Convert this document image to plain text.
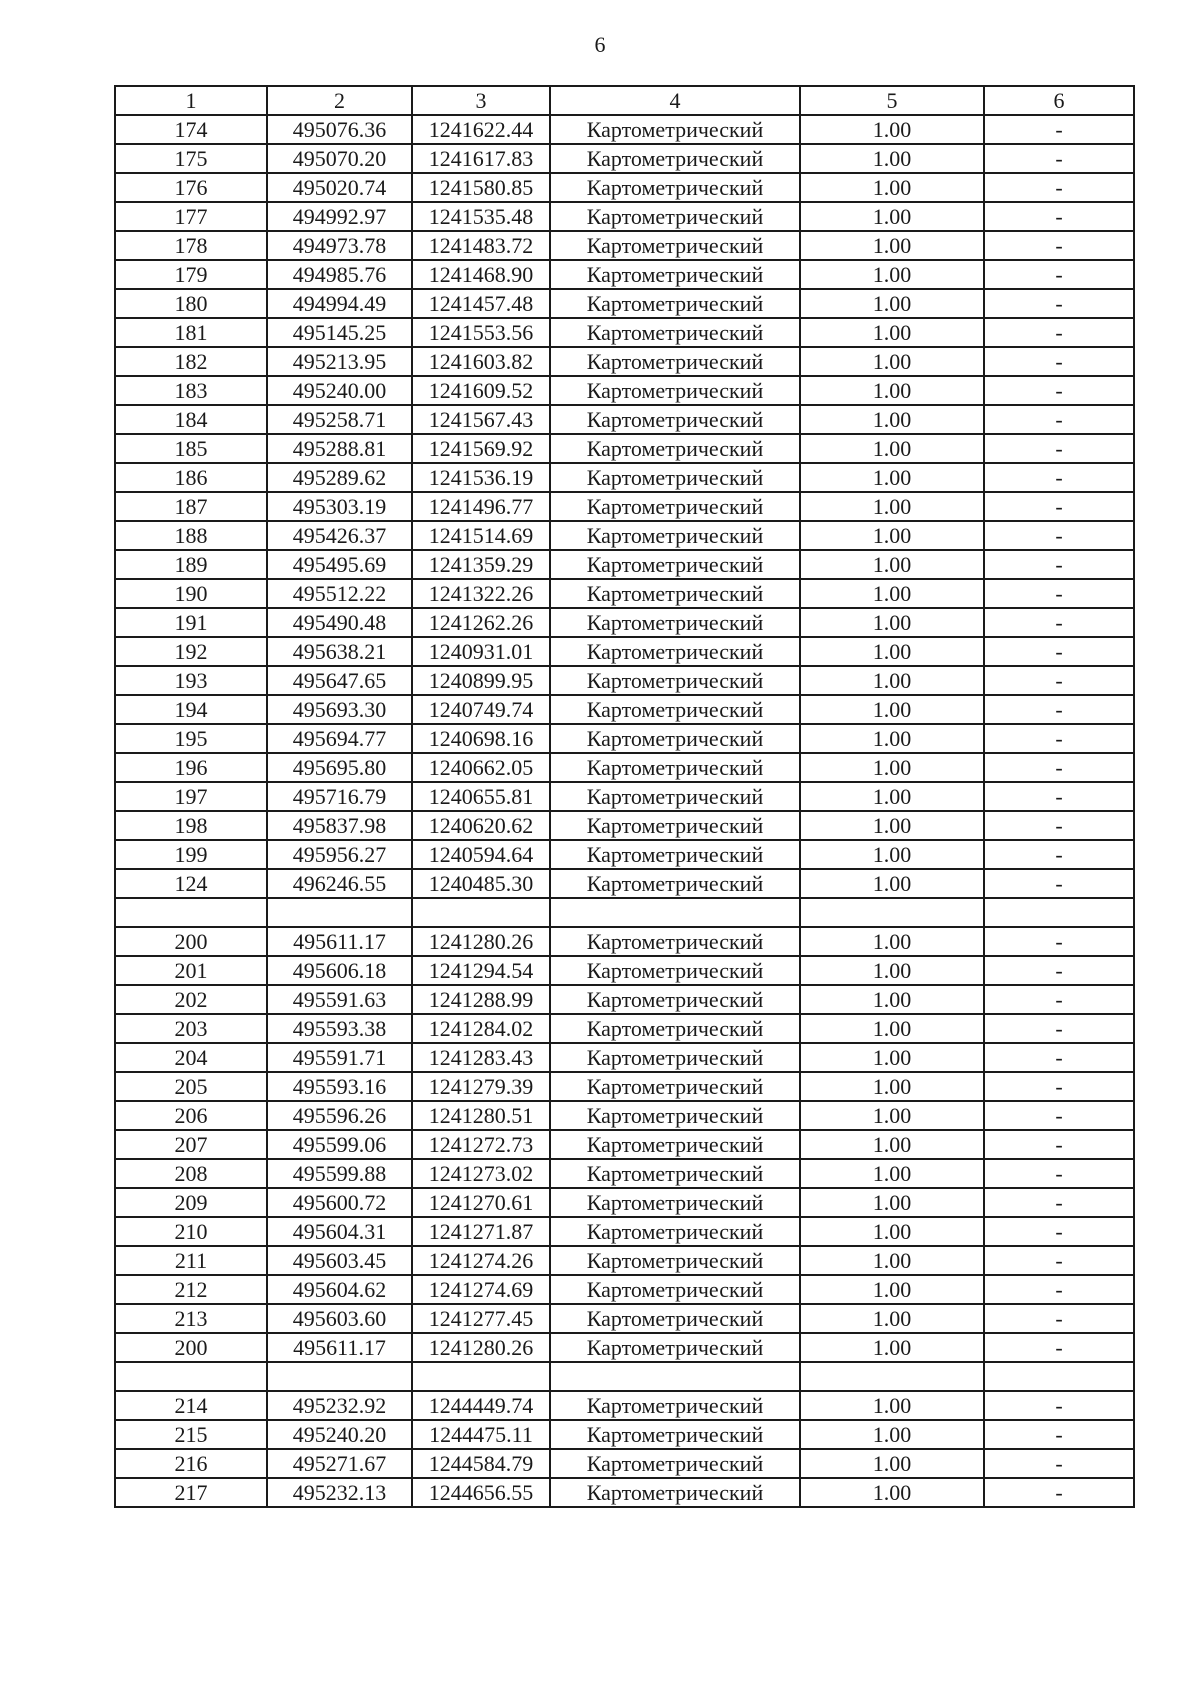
6
1	2	3	4	5	6
174	495076.36	1241622.44	Картометрический	1.00	-
175	495070.20	1241617.83	Картометрический	1.00	-
176	495020.74	1241580.85	Картометрический	1.00	-
177	494992.97	1241535.48	Картометрический	1.00	-
178	494973.78	1241483.72	Картометрический	1.00	-
179	494985.76	1241468.90	Картометрический	1.00	-
180	494994.49	1241457.48	Картометрический	1.00	-
181	495145.25	1241553.56	Картометрический	1.00	-
182	495213.95	1241603.82	Картометрический	1.00	-
183	495240.00	1241609.52	Картометрический	1.00	-
184	495258.71	1241567.43	Картометрический	1.00	-
185	495288.81	1241569.92	Картометрический	1.00	-
186	495289.62	1241536.19	Картометрический	1.00	-
187	495303.19	1241496.77	Картометрический	1.00	-
188	495426.37	1241514.69	Картометрический	1.00	-
189	495495.69	1241359.29	Картометрический	1.00	-
190	495512.22	1241322.26	Картометрический	1.00	-
191	495490.48	1241262.26	Картометрический	1.00	-
192	495638.21	1240931.01	Картометрический	1.00	-
193	495647.65	1240899.95	Картометрический	1.00	-
194	495693.30	1240749.74	Картометрический	1.00	-
195	495694.77	1240698.16	Картометрический	1.00	-
196	495695.80	1240662.05	Картометрический	1.00	-
197	495716.79	1240655.81	Картометрический	1.00	-
198	495837.98	1240620.62	Картометрический	1.00	-
199	495956.27	1240594.64	Картометрический	1.00	-
124	496246.55	1240485.30	Картометрический	1.00	-

200	495611.17	1241280.26	Картометрический	1.00	-
201	495606.18	1241294.54	Картометрический	1.00	-
202	495591.63	1241288.99	Картометрический	1.00	-
203	495593.38	1241284.02	Картометрический	1.00	-
204	495591.71	1241283.43	Картометрический	1.00	-
205	495593.16	1241279.39	Картометрический	1.00	-
206	495596.26	1241280.51	Картометрический	1.00	-
207	495599.06	1241272.73	Картометрический	1.00	-
208	495599.88	1241273.02	Картометрический	1.00	-
209	495600.72	1241270.61	Картометрический	1.00	-
210	495604.31	1241271.87	Картометрический	1.00	-
211	495603.45	1241274.26	Картометрический	1.00	-
212	495604.62	1241274.69	Картометрический	1.00	-
213	495603.60	1241277.45	Картометрический	1.00	-
200	495611.17	1241280.26	Картометрический	1.00	-

214	495232.92	1244449.74	Картометрический	1.00	-
215	495240.20	1244475.11	Картометрический	1.00	-
216	495271.67	1244584.79	Картометрический	1.00	-
217	495232.13	1244656.55	Картометрический	1.00	-
